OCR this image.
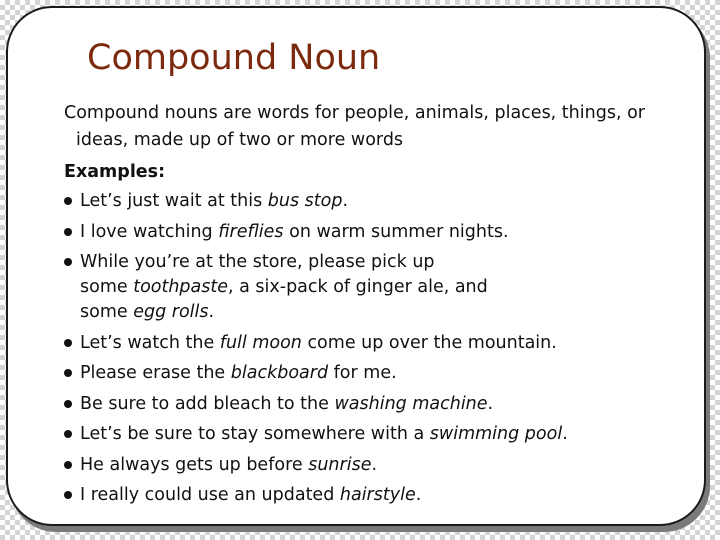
Compound Noun

Compound nouns are words for people, animals, places, things, or ideas, made up of two or more words

Examples:

Let’s just wait at this bus stop.
I love watching fireflies on warm summer nights.
While you’re at the store, please pick up
some toothpaste, a six-pack of ginger ale, and
some egg rolls.
Let’s watch the full moon come up over the mountain.
Please erase the blackboard for me.
Be sure to add bleach to the washing machine.
Let’s be sure to stay somewhere with a swimming pool.
He always gets up before sunrise.
I really could use an updated hairstyle.
